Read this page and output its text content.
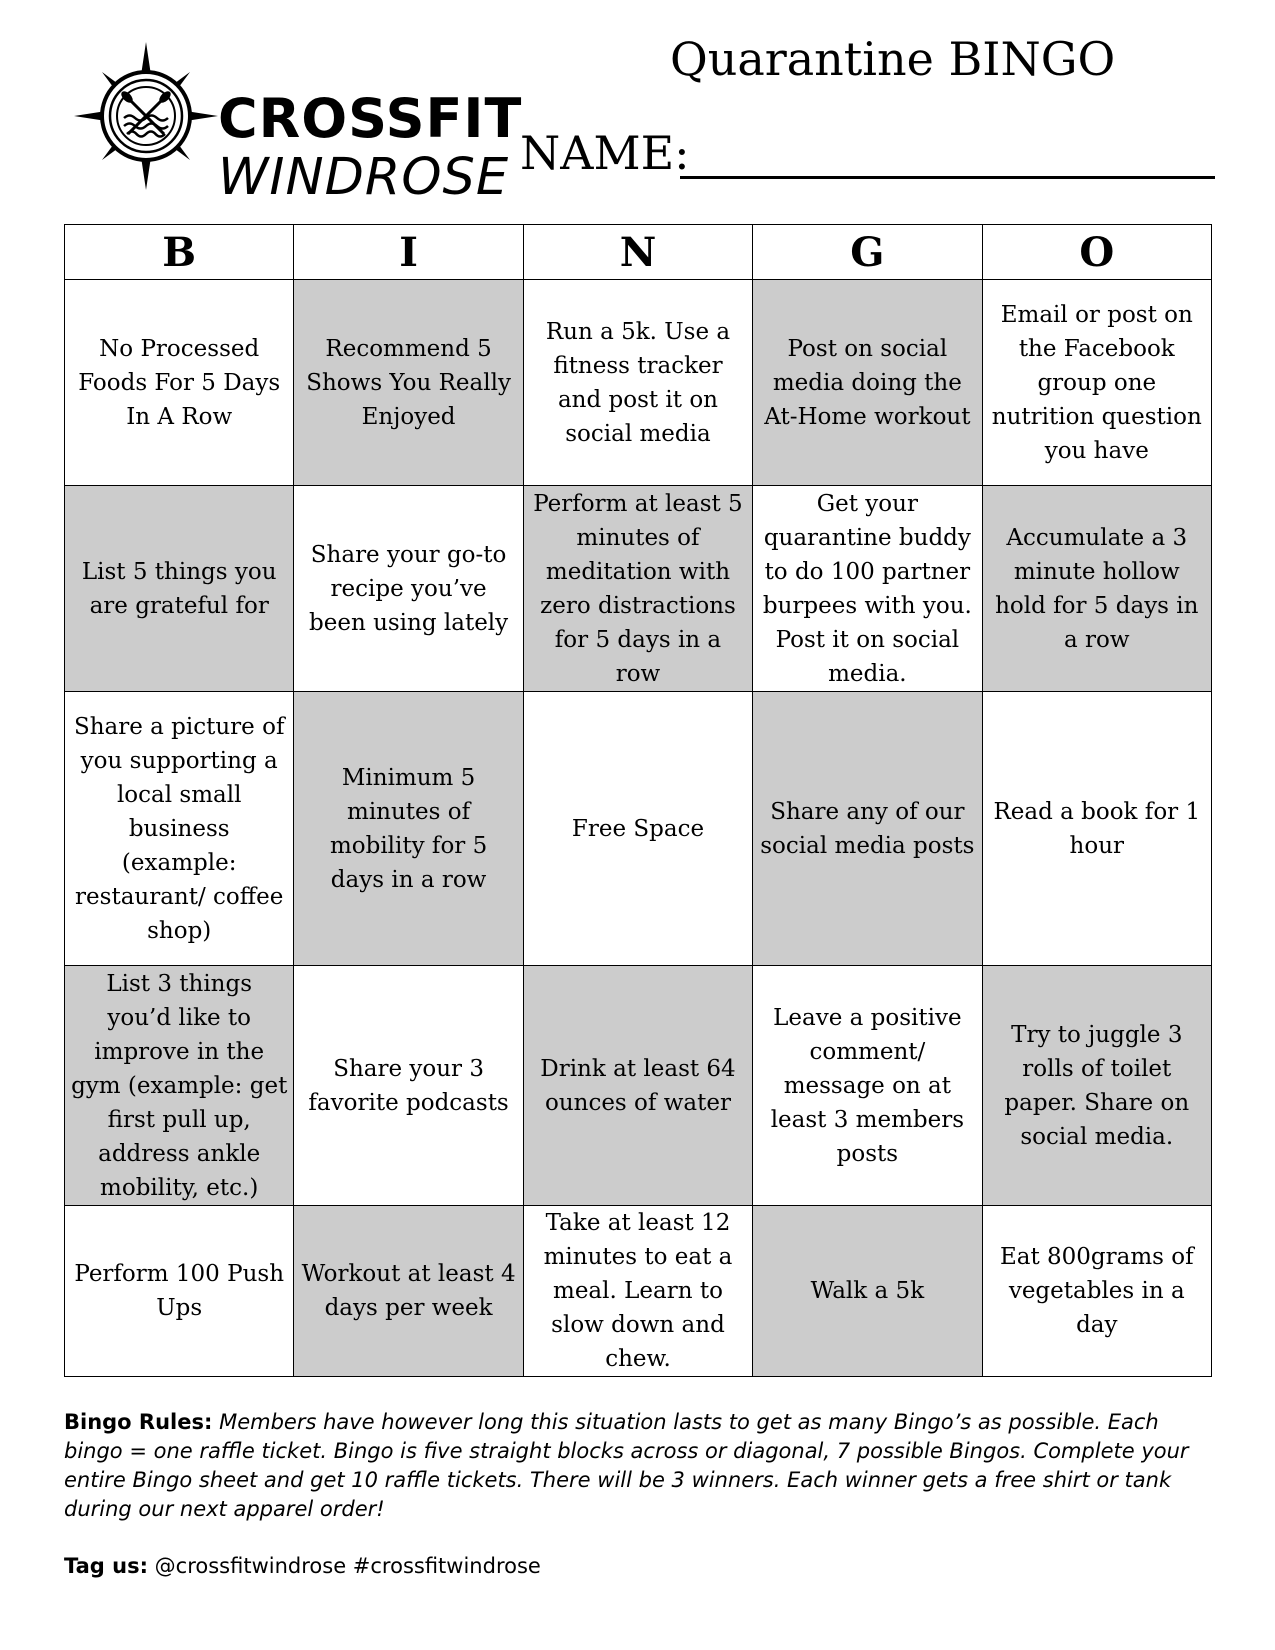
CROSSFIT
WINDROSE
Quarantine BINGO
NAME:
B	I	N	G	O
No Processed Foods For 5 Days In A Row	Recommend 5 Shows You Really Enjoyed	Run a 5k. Use a fitness tracker and post it on social media	Post on social media doing the At-Home workout	Email or post on the Facebook group one nutrition question you have
List 5 things you are grateful for	Share your go-to recipe you’ve been using lately	Perform at least 5 minutes of meditation with zero distractions for 5 days in a row	Get your quarantine buddy to do 100 partner burpees with you. Post it on social media.	Accumulate a 3 minute hollow hold for 5 days in a row
Share a picture of you supporting a local small business (example: restaurant/ coffee shop)	Minimum 5 minutes of mobility for 5 days in a row	Free Space	Share any of our social media posts	Read a book for 1 hour
List 3 things you’d like to improve in the gym (example: get first pull up, address ankle mobility, etc.)	Share your 3 favorite podcasts	Drink at least 64 ounces of water	Leave a positive comment/ message on at least 3 members posts	Try to juggle 3 rolls of toilet paper. Share on social media.
Perform 100 Push Ups	Workout at least 4 days per week	Take at least 12 minutes to eat a meal. Learn to slow down and chew.	Walk a 5k	Eat 800grams of vegetables in a day
Bingo Rules: Members have however long this situation lasts to get as many Bingo’s as possible. Each bingo = one raffle ticket. Bingo is five straight blocks across or diagonal, 7 possible Bingos. Complete your entire Bingo sheet and get 10 raffle tickets. There will be 3 winners. Each winner gets a free shirt or tank during our next apparel order!
Tag us: @crossfitwindrose #crossfitwindrose
